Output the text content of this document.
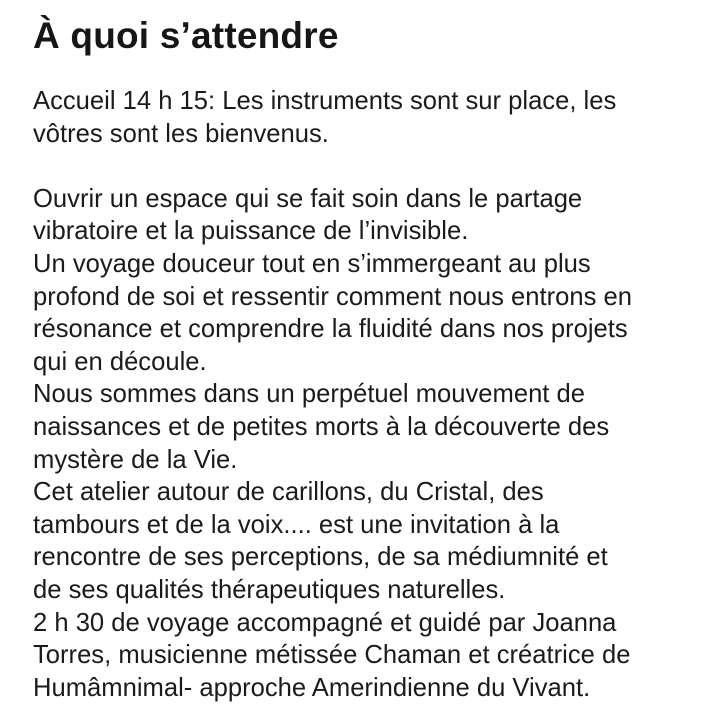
À quoi s’attendre
Accueil 14 h 15: Les instruments sont sur place, les
vôtres sont les bienvenus.
Ouvrir un espace qui se fait soin dans le partage
vibratoire et la puissance de l’invisible.
Un voyage douceur tout en s’immergeant au plus
profond de soi et ressentir comment nous entrons en
résonance et comprendre la fluidité dans nos projets
qui en découle.
Nous sommes dans un perpétuel mouvement de
naissances et de petites morts à la découverte des
mystère de la Vie.
Cet atelier autour de carillons, du Cristal, des
tambours et de la voix.... est une invitation à la
rencontre de ses perceptions, de sa médiumnité et
de ses qualités thérapeutiques naturelles.
2 h 30 de voyage accompagné et guidé par Joanna
Torres, musicienne métissée Chaman et créatrice de
Humâmnimal- approche Amerindienne du Vivant.
